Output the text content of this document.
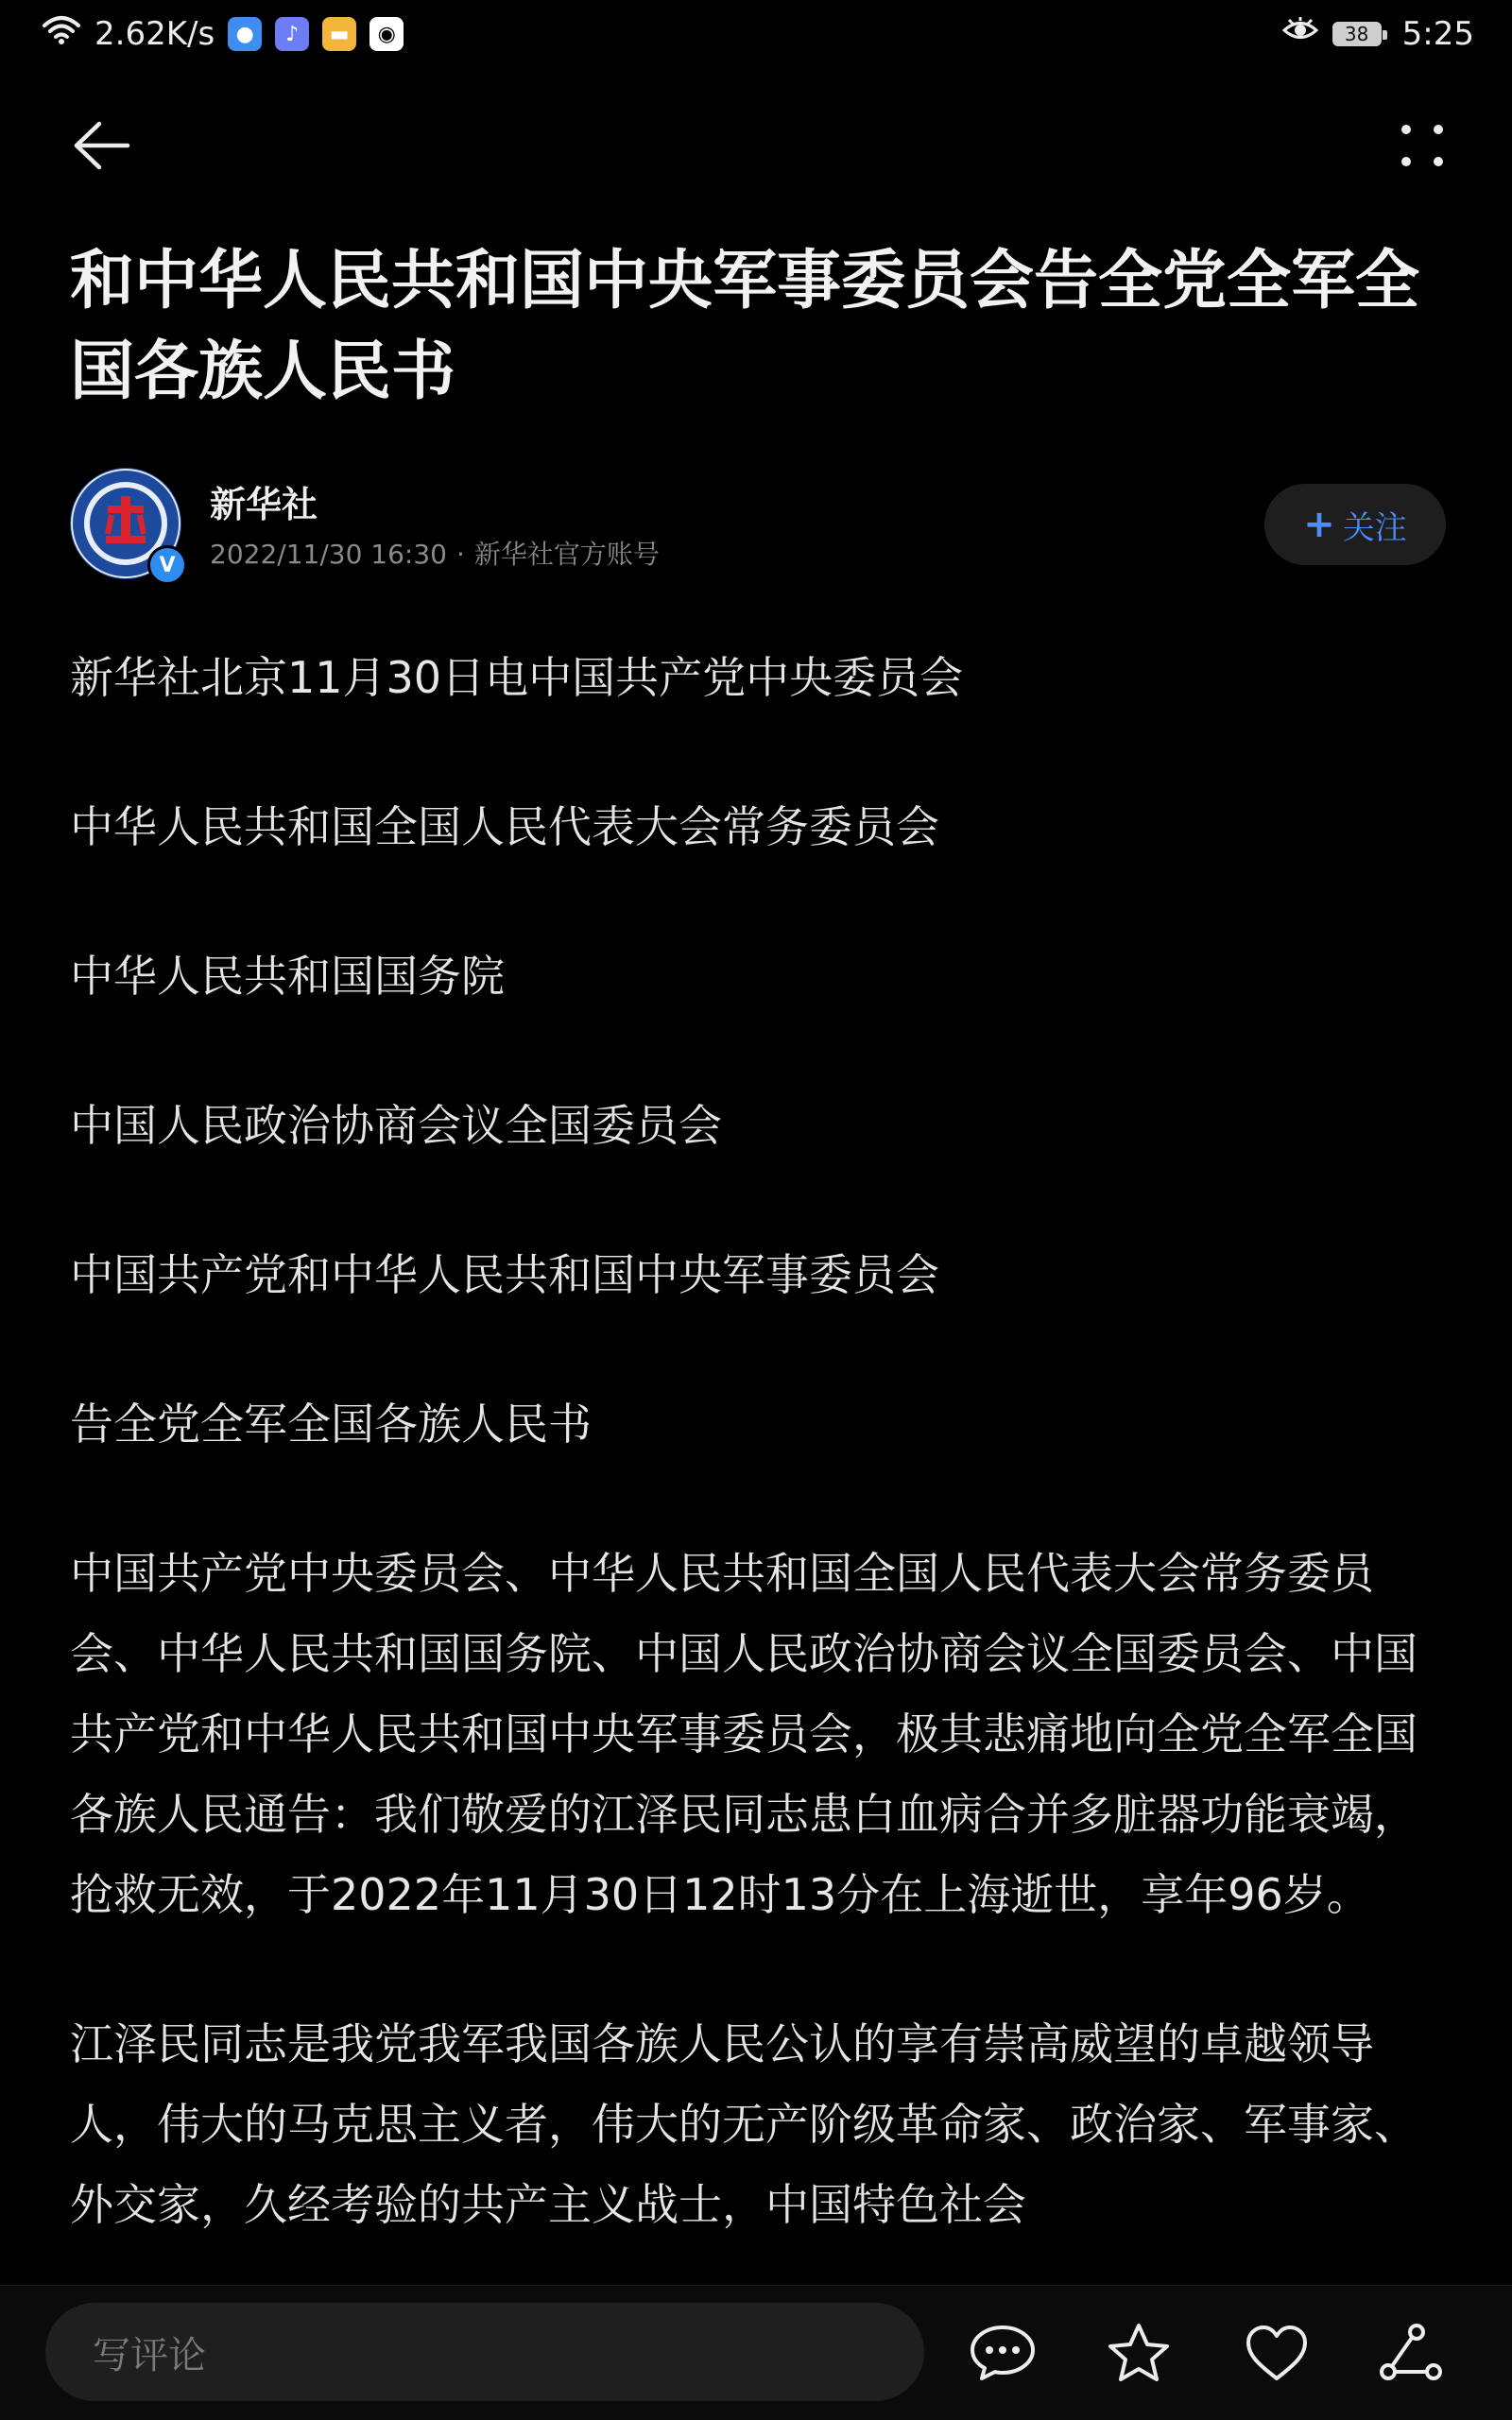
2.62K/s	●	♪	▬	◉	38	5:25
和中华人民共和国中央军事委员会告全党全军全国各族人民书
V
新华社
2022/11/30 16:30 · 新华社官方账号
+ 关注

新华社北京11月30日电中国共产党中央委员会

中华人民共和国全国人民代表大会常务委员会

中华人民共和国国务院

中国人民政治协商会议全国委员会

中国共产党和中华人民共和国中央军事委员会

告全党全军全国各族人民书

中国共产党中央委员会、中华人民共和国全国人民代表大会常务委员会、中华人民共和国国务院、中国人民政治协商会议全国委员会、中国共产党和中华人民共和国中央军事委员会，极其悲痛地向全党全军全国各族人民通告：我们敬爱的江泽民同志患白血病合并多脏器功能衰竭，抢救无效，于2022年11月30日12时13分在上海逝世，享年96岁。

江泽民同志是我党我军我国各族人民公认的享有崇高威望的卓越领导人，伟大的马克思主义者，伟大的无产阶级革命家、政治家、军事家、外交家，久经考验的共产主义战士，中国特色社会

写评论
